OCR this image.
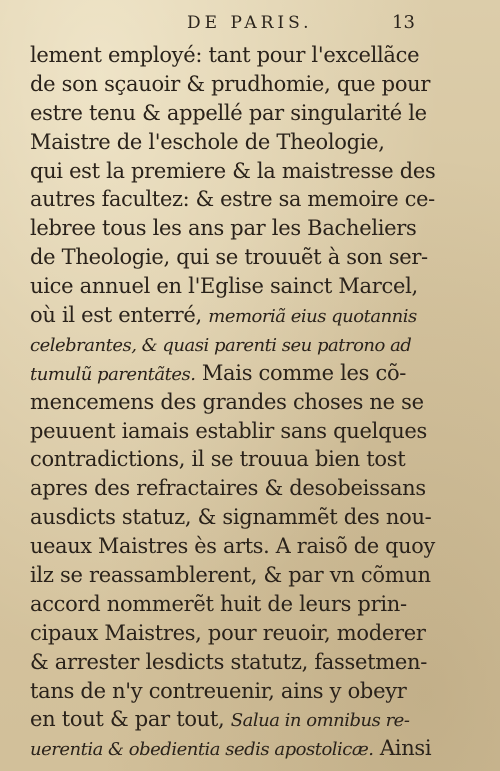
DE PARIS.	13
lement employé: tant pour l'excellãce
de son sçauoir & prudhomie, que pour
estre tenu & appellé par singularité le
Maistre de l'eschole de Theologie,
qui est la premiere & la maistresse des
autres facultez: & estre sa memoire ce-
lebree tous les ans par les Bacheliers
de Theologie, qui se trouuẽt à son ser-
uice annuel en l'Eglise sainct Marcel,
où il est enterré, memoriã eius quotannis
celebrantes, & quasi parenti seu patrono ad
tumulũ parentãtes. Mais comme les cõ-
mencemens des grandes choses ne se
peuuent iamais establir sans quelques
contradictions, il se trouua bien tost
apres des refractaires & desobeissans
ausdicts statuz, & signammẽt des nou-
ueaux Maistres ès arts. A raisõ de quoy
ilz se reassamblerent, & par vn cõmun
accord nommerẽt huit de leurs prin-
cipaux Maistres, pour reuoir, moderer
& arrester lesdicts statutz, fassetmen-
tans de n'y contreuenir, ains y obeyr
en tout & par tout, Salua in omnibus re-
uerentia & obedientia sedis apostolicæ. Ainsi
